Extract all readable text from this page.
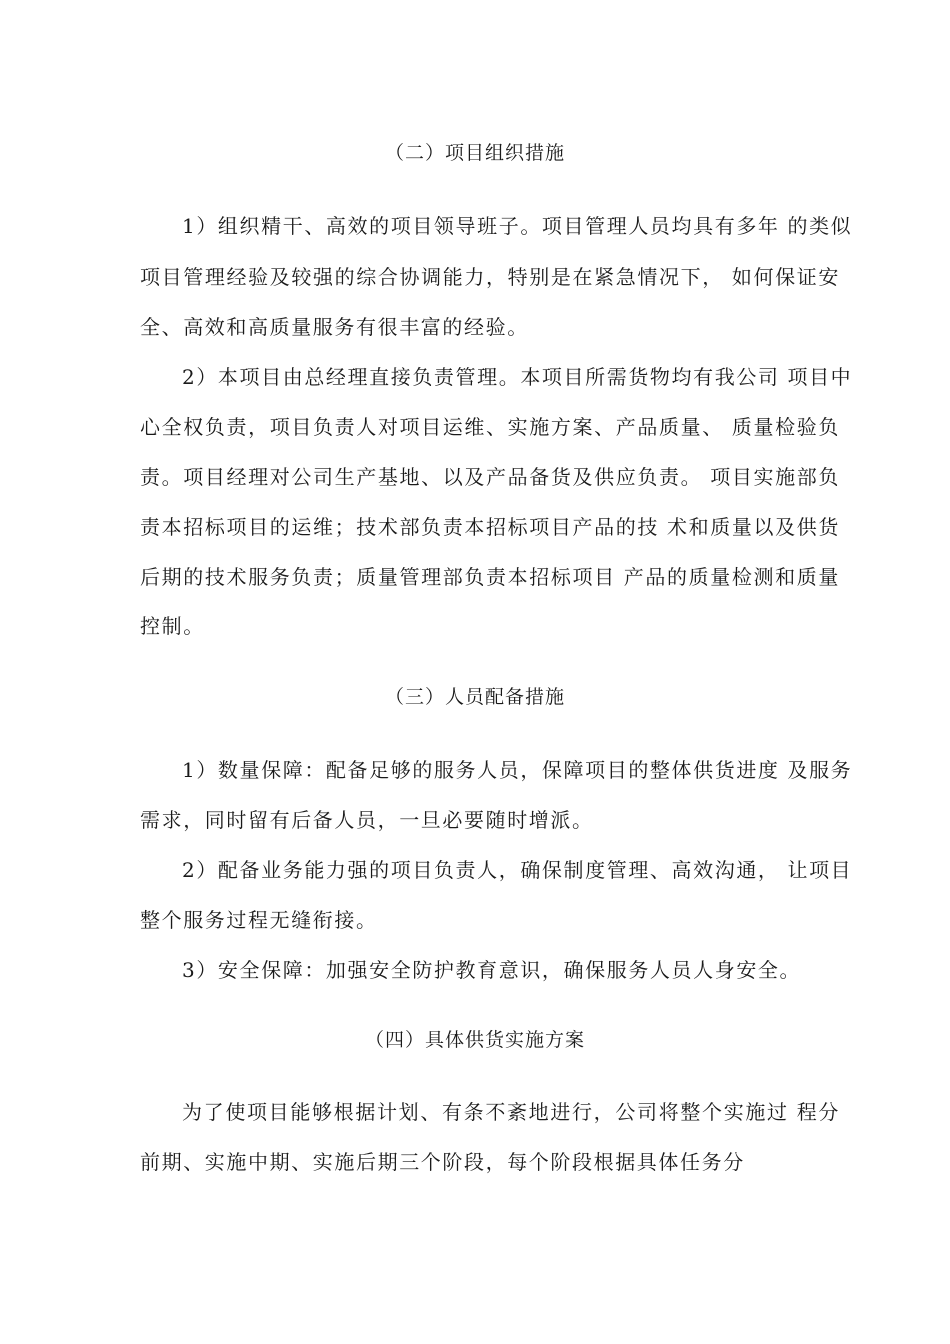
（二）项目组织措施
1）组织精干、高效的项目领导班子。项目管理人员均具有多年 的类似
项目管理经验及较强的综合协调能力，特别是在紧急情况下， 如何保证安
全、高效和高质量服务有很丰富的经验。
2）本项目由总经理直接负责管理。本项目所需货物均有我公司 项目中
心全权负责，项目负责人对项目运维、实施方案、产品质量、 质量检验负
责。项目经理对公司生产基地、以及产品备货及供应负责。 项目实施部负
责本招标项目的运维；技术部负责本招标项目产品的技 术和质量以及供货
后期的技术服务负责；质量管理部负责本招标项目 产品的质量检测和质量
控制。
（三）人员配备措施
1）数量保障：配备足够的服务人员，保障项目的整体供货进度 及服务
需求，同时留有后备人员，一旦必要随时增派。
2）配备业务能力强的项目负责人，确保制度管理、高效沟通， 让项目
整个服务过程无缝衔接。
3）安全保障：加强安全防护教育意识，确保服务人员人身安全。
（四）具体供货实施方案
为了使项目能够根据计划、有条不紊地进行，公司将整个实施过 程分
前期、实施中期、实施后期三个阶段，每个阶段根据具体任务分
